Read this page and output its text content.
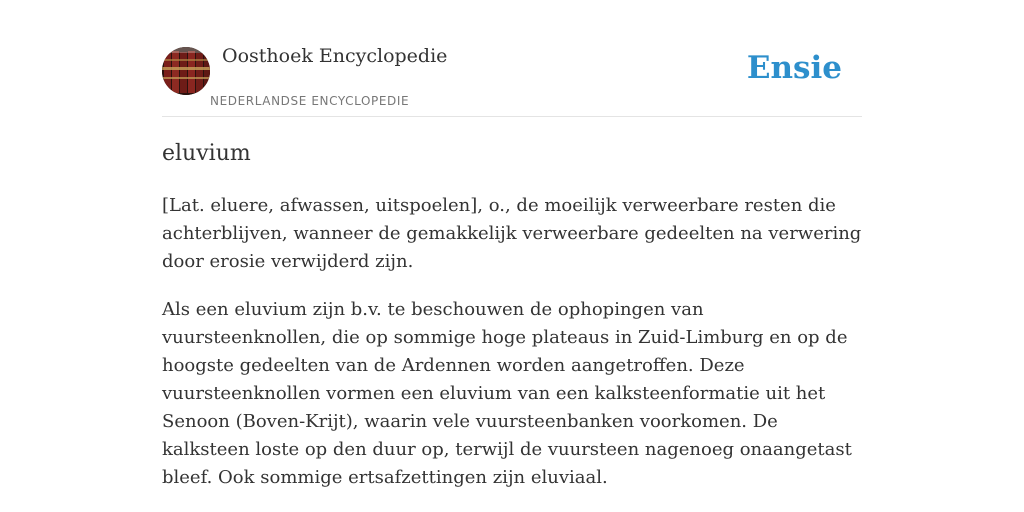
Oosthoek Encyclopedie
NEDERLANDSE ENCYCLOPEDIE
Ensie
eluvium

[Lat. eluere, afwassen, uitspoelen], o., de moeilijk verweerbare resten die achterblijven, wanneer de gemakkelijk verweerbare gedeelten na verwering door erosie verwijderd zijn.

Als een eluvium zijn b.v. te beschouwen de ophopingen van vuursteenknollen, die op sommige hoge plateaus in Zuid-Limburg en op de hoogste gedeelten van de Ardennen worden aangetroffen. Deze vuursteenknollen vormen een eluvium van een kalksteenformatie uit het Senoon (Boven-Krijt), waarin vele vuursteenbanken voorkomen. De kalksteen loste op den duur op, terwijl de vuursteen nagenoeg onaangetast bleef. Ook sommige ertsafzettingen zijn eluviaal.
